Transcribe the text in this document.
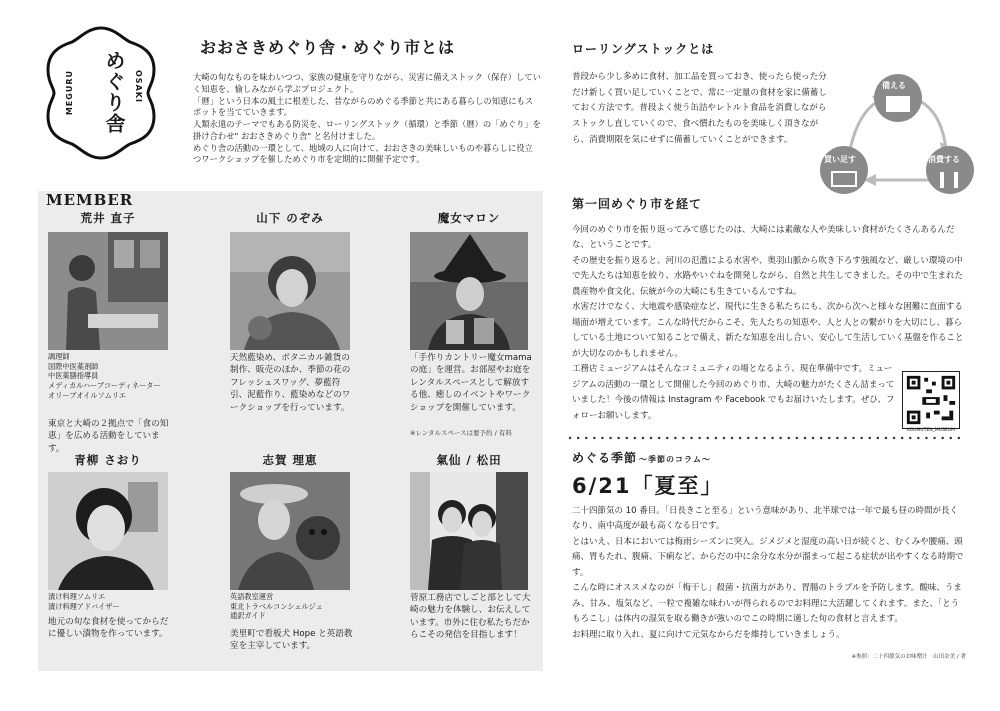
めぐり舎
MEGURU	OSAKI
おおさきめぐり舎・めぐり市とは

大崎の旬なものを味わいつつ、家族の健康を守りながら、災害に備えストック（保存）していく知恵を、愉しみながら学ぶプロジェクト。

「暦」という日本の風土に根差した、昔ながらのめぐる季節と共にある暮らしの知恵にもスポットを当てていきます。

人類永遠のテーマでもある防災を、ローリングストック（循環）と季節（暦）の「めぐり」を掛け合わせ" おおさきめぐり舎" と名付けました。

めぐり舎の活動の一環として、地域の人に向けて、おおさきの美味しいものや暮らしに役立つワークショップを催しためぐり市を定期的に開催予定です。

MEMBER
荒井 直子
調理師
国際中医薬剤師
中医薬膳指導員
メディカルハーブコーディネーター
オリーブオイルソムリエ
東京と大崎の２拠点で「食の知恵」を広める活動をしています。
山下 のぞみ
天然藍染め、ボタニカル雑貨の制作、販売のほか、季節の花のフレッシュスワッグ、夢藍符引、泥藍作り、藍染めなどのワークショップを行っています。
魔女マロン
「手作りカントリー魔女mama の庭」を運営。お部屋やお庭をレンタルスペースとして解放する他、癒しのイベントやワークショップを開催しています。
※レンタルスペースは要予約 / 有料
青柳 さおり
漬け料理ソムリエ
漬け料理アドバイザー
地元の旬な食材を使ってからだに優しい漬物を作っています。
志賀 理恵
英語教室運営
東北トラベルコンシェルジュ
通訳ガイド
美里町で看板犬 Hope と英語教室を主宰しています。
氣仙 / 松田
菅原工務店でしごと部として大崎の魅力を体験し、お伝えしています。市外に住む私たちだからこその発信を目指します！
ローリングストックとは
普段から少し多めに食材、加工品を買っておき、使ったら使った分だけ新しく買い足していくことで、常に一定量の食材を家に備蓄しておく方法です。普段よく使う缶詰やレトルト食品を消費しながらストックし直していくので、食べ慣れたものを美味しく頂きながら、消費期限を気にせずに備蓄していくことができます。
備える
消費する
買い足す
第一回めぐり市を経て

今回のめぐり市を振り返ってみて感じたのは、大崎には素敵な人や美味しい食材がたくさんあるんだな、ということです。

その歴史を振り返ると、河川の氾濫による水害や、奥羽山脈から吹き下ろす強風など、厳しい環境の中で先人たちは知恵を絞り、水路やいぐねを開発しながら、自然と共生してきました。その中で生まれた農産物や食文化、伝統が今の大崎にも生きているんですね。

水害だけでなく、大地震や感染症など、現代に生きる私たちにも、次から次へと様々な困難に直面する場面が増えています。こんな時代だからこそ、先人たちの知恵や、人と人との繋がりを大切にし、暮らしている土地について知ることで備え、新たな知恵を出し合い、安心して生活していく基盤を作ることが大切なのかもしれません。

工務店ミュージアムはそんなコミュニティの場となるよう、現在準備中です。ミュージアムの活動の一環として開催した今回のめぐり市、大崎の魅力がたくさん詰まっていました！今後の情報は Instagram や Facebook でもお届けいたします。ぜひ、フォローお願いします。

KOUMUTEN_MUSEUM
めぐる季節 ～季節のコラム～
6/21「夏至」

二十四節気の 10 番目。「日長きこと至る」という意味があり、北半球では一年で最も昼の時間が長くなり、南中高度が最も高くなる日です。

とはいえ、日本においては梅雨シーズンに突入。ジメジメと湿度の高い日が続くと、むくみや腰痛、頭痛、胃もたれ、腹痛、下痢など、からだの中に余分な水分が溜まって起こる症状が出やすくなる時期です。

こんな時にオススメなのが「梅干し」殺菌・抗菌力があり、胃腸のトラブルを予防します。酸味、うまみ、甘み、塩気など、一粒で複雑な味わいが得られるのでお料理に大活躍してくれます。また、「とうもろこし」は体内の湿気を取る働きが強いのでこの時期に適した旬の食材と言えます。

お料理に取り入れ、夏に向けて元気なからだを維持していきましょう。

※参照：二十四節気のお味噌汁　山田奈美 / 著
